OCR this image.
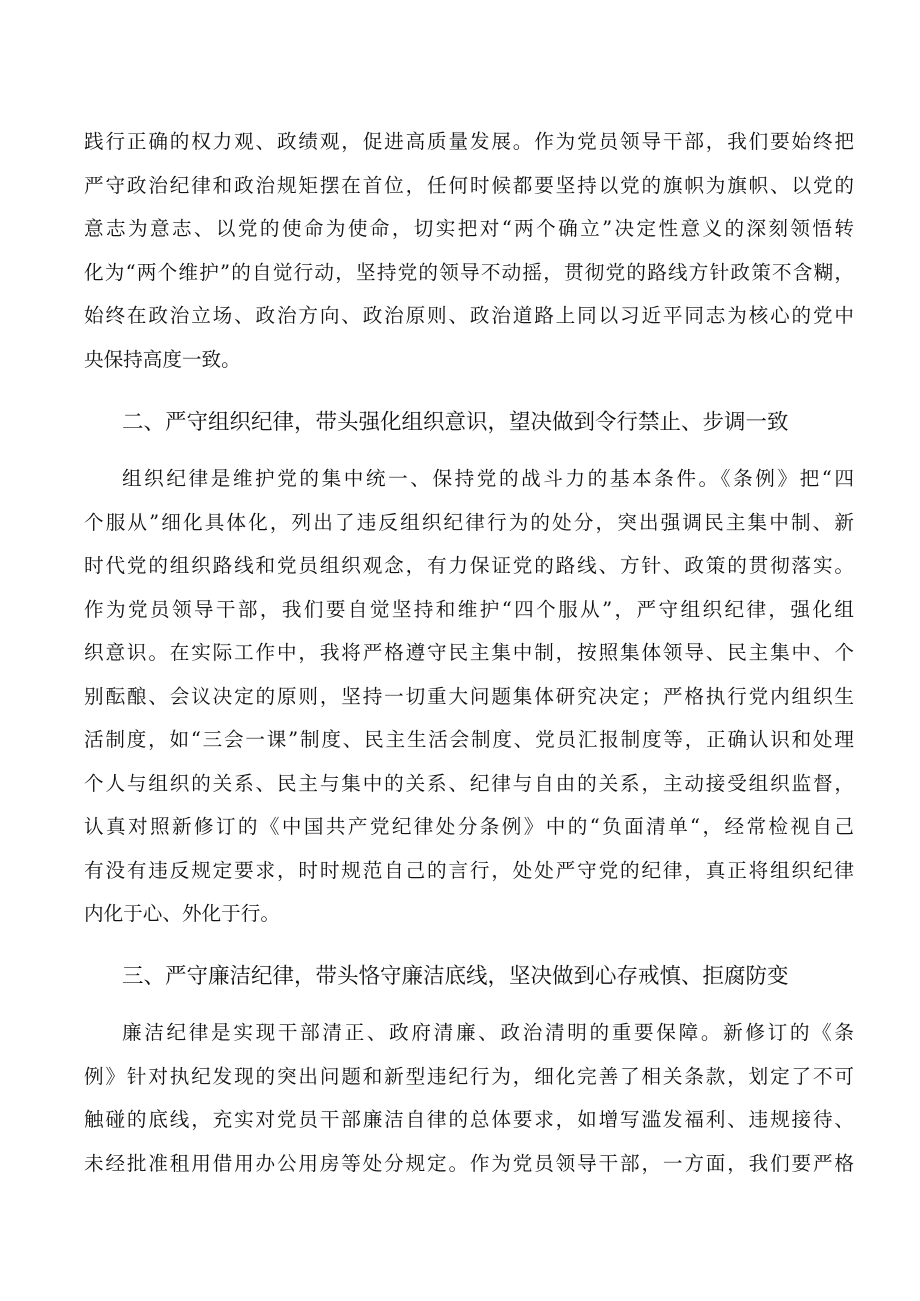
践行正确的权力观、政绩观，促进高质量发展。作为党员领导干部，我们要始终把
严守政治纪律和政治规矩摆在首位，任何时候都要坚持以党的旗帜为旗帜、以党的
意志为意志、以党的使命为使命，切实把对“两个确立”决定性意义的深刻领悟转
化为“两个维护”的自觉行动，坚持党的领导不动摇，贯彻党的路线方针政策不含糊，
始终在政治立场、政治方向、政治原则、政治道路上同以习近平同志为核心的党中
央保持高度一致。
二、严守组织纪律，带头强化组织意识，望决做到令行禁止、步调一致
组织纪律是维护党的集中统一、保持党的战斗力的基本条件。《条例》把“四
个服从”细化具体化，列出了违反组织纪律行为的处分，突出强调民主集中制、新
时代党的组织路线和党员组织观念，有力保证党的路线、方针、政策的贯彻落实。
作为党员领导干部，我们要自觉坚持和维护“四个服从”，严守组织纪律，强化组
织意识。在实际工作中，我将严格遵守民主集中制，按照集体领导、民主集中、个
别酝酿、会议决定的原则，坚持一切重大问题集体研究决定；严格执行党内组织生
活制度，如“三会一课”制度、民主生活会制度、党员汇报制度等，正确认识和处理
个人与组织的关系、民主与集中的关系、纪律与自由的关系，主动接受组织监督，
认真对照新修订的《中国共产党纪律处分条例》中的“负面清单“，经常检视自己
有没有违反规定要求，时时规范自己的言行，处处严守党的纪律，真正将组织纪律
内化于心、外化于行。
三、严守廉洁纪律，带头恪守廉洁底线，坚决做到心存戒慎、拒腐防变
廉洁纪律是实现干部清正、政府清廉、政治清明的重要保障。新修订的《条
例》针对执纪发现的突出问题和新型违纪行为，细化完善了相关条款，划定了不可
触碰的底线，充实对党员干部廉洁自律的总体要求，如增写滥发福利、违规接待、
未经批准租用借用办公用房等处分规定。作为党员领导干部，一方面，我们要严格
